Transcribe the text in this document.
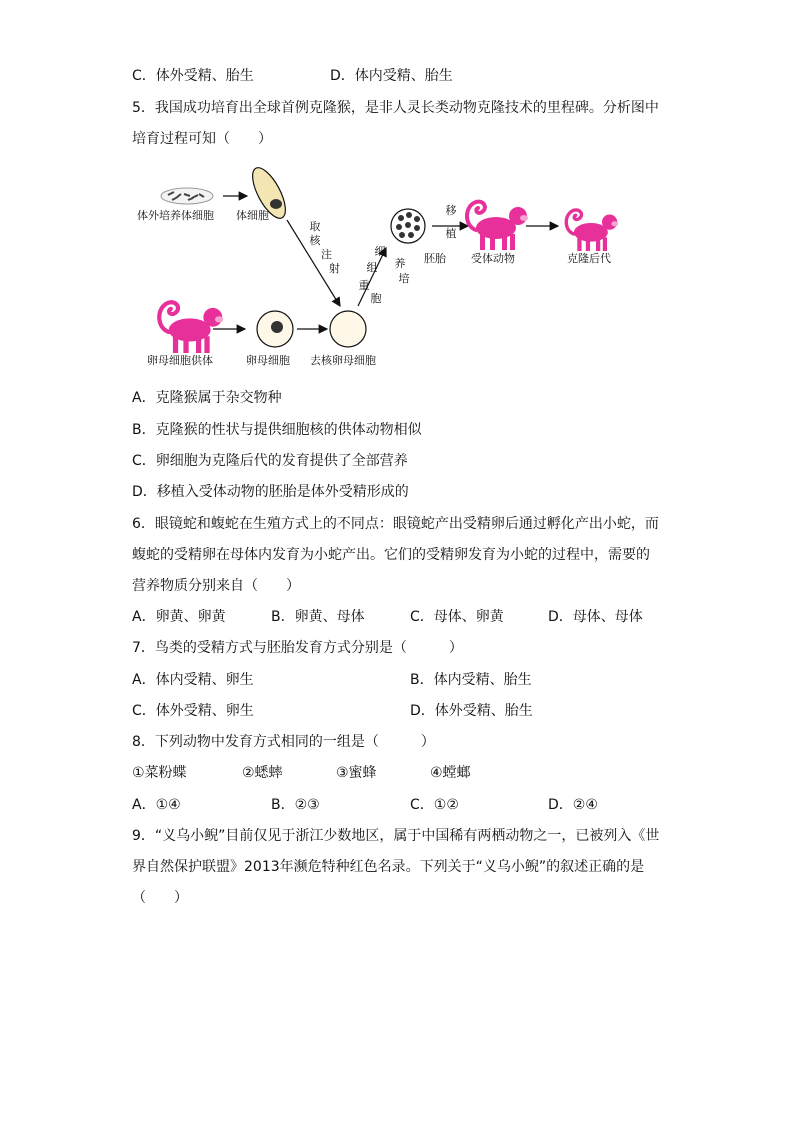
C．体外受精、胎生	D．体内受精、胎生
5．我国成功培育出全球首例克隆猴，是非人灵长类动物克隆技术的里程碑。分析图中
培育过程可知（　　）
体外培养体细胞 体细胞
取
核
注
射
细
组
重
胞
养
培
胚胎
移
植
受体动物	克隆后代
卵母细胞供体	卵母细胞 去核卵母细胞
A．克隆猴属于杂交物种
B．克隆猴的性状与提供细胞核的供体动物相似
C．卵细胞为克隆后代的发育提供了全部营养
D．移植入受体动物的胚胎是体外受精形成的
6．眼镜蛇和蝮蛇在生殖方式上的不同点：眼镜蛇产出受精卵后通过孵化产出小蛇，而
蝮蛇的受精卵在母体内发育为小蛇产出。它们的受精卵发育为小蛇的过程中，需要的
营养物质分别来自（　　）
A．卵黄、卵黄	B．卵黄、母体	C．母体、卵黄	D．母体、母体
7．鸟类的受精方式与胚胎发育方式分别是（　　　）
A．体内受精、卵生	B．体内受精、胎生
C．体外受精、卵生	D．体外受精、胎生
8．下列动物中发育方式相同的一组是（　　　）
①菜粉蝶	②蟋蟀	③蜜蜂	④螳螂
A．①④	B．②③	C．①②	D．②④
9．“义乌小鲵”目前仅见于浙江少数地区，属于中国稀有两栖动物之一，已被列入《世
界自然保护联盟》2013年濒危特种红色名录。下列关于“义乌小鲵”的叙述正确的是
（　　）
